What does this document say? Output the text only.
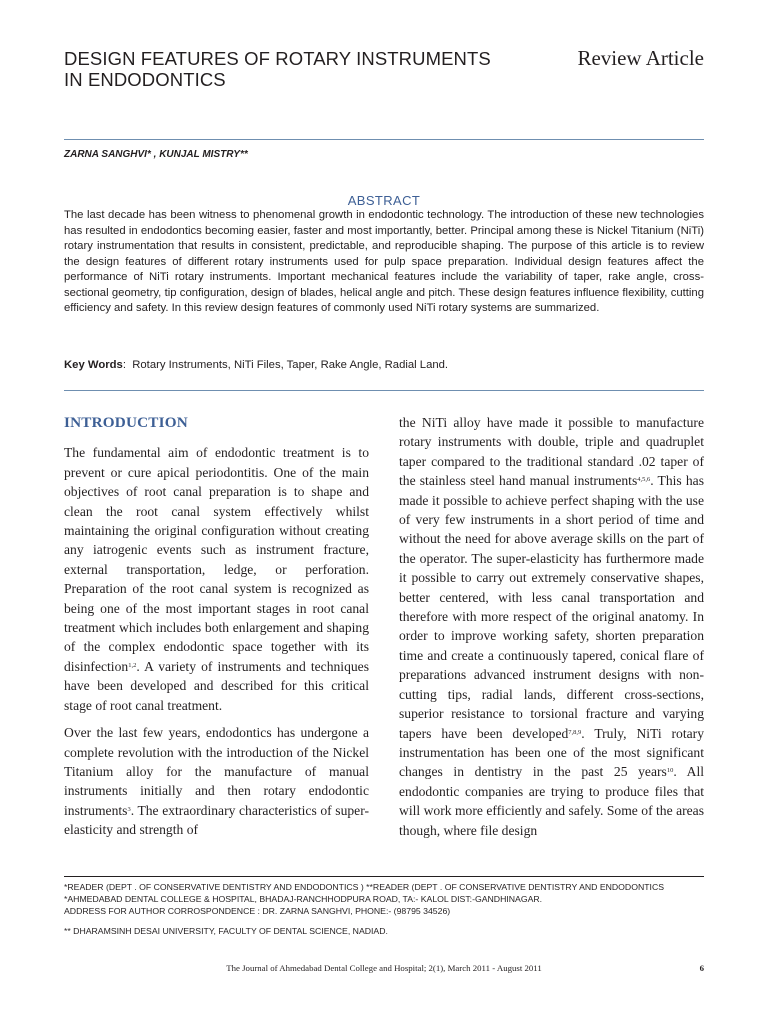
DESIGN FEATURES OF ROTARY INSTRUMENTS
IN ENDODONTICS
Review Article
ZARNA SANGHVI* , KUNJAL MISTRY**
ABSTRACT

The last decade has been witness to phenomenal growth in endodontic technology. The introduction of these new technologies has resulted in endodontics becoming easier, faster and most importantly, better. Principal among these is Nickel Titanium (NiTi) rotary instrumentation that results in consistent, predictable, and reproducible shaping. The purpose of this article is to review the design features of different rotary instruments used for pulp space preparation. Individual design features affect the performance of NiTi rotary instruments. Important mechanical features include the variability of taper, rake angle, cross-sectional geometry, tip configuration, design of blades, helical angle and pitch. These design features influence flexibility, cutting efficiency and safety. In this review design features of commonly used NiTi rotary systems are summarized.

Key Words:  Rotary Instruments, NiTi Files, Taper, Rake Angle, Radial Land.

INTRODUCTION

The fundamental aim of endodontic treatment is to prevent or cure apical periodontitis. One of the main objectives of root canal preparation is to shape and clean the root canal system effectively whilst maintaining the original configuration without creating any iatrogenic events such as instrument fracture, external transportation, ledge, or perforation. Preparation of the root canal system is recognized as being one of the most important stages in root canal treatment which includes both enlargement and shaping of the complex endodontic space together with its disinfection$^{1,2}$. A variety of instruments and techniques have been developed and described for this critical stage of root canal treatment.

Over the last few years, endodontics has undergone a complete revolution with the introduction of the Nickel Titanium alloy for the manufacture of manual instruments initially and then rotary endodontic instruments$^3$. The extraordinary characteristics of super-elasticity and strength of

the NiTi alloy have made it possible to manufacture rotary instruments with double, triple and quadruplet taper compared to the traditional standard .02 taper of the stainless steel hand manual instruments$^{4,5,6}$. This has made it possible to achieve perfect shaping with the use of very few instruments in a short period of time and without the need for above average skills on the part of the operator. The super-elasticity has furthermore made it possible to carry out extremely conservative shapes, better centered, with less canal transportation and therefore with more respect of the original anatomy. In order to improve working safety, shorten preparation time and create a continuously tapered, conical flare of preparations advanced instrument designs with non-cutting tips, radial lands, different cross-sections, superior resistance to torsional fracture and varying tapers have been developed$^{7,8,9}$. Truly, NiTi rotary instrumentation has been one of the most significant changes in dentistry in the past 25 years$^{10}$. All endodontic companies are trying to produce files that will work more efficiently and safely. Some of the areas though, where file design

*READER (DEPT . OF CONSERVATIVE DENTISTRY AND ENDODONTICS ) **READER (DEPT . OF CONSERVATIVE DENTISTRY AND ENDODONTICS
*AHMEDABAD DENTAL COLLEGE & HOSPITAL, BHADAJ-RANCHHODPURA ROAD, TA:- KALOL DIST:-GANDHINAGAR.
ADDRESS FOR AUTHOR CORROSPONDENCE : DR. ZARNA SANGHVI, PHONE:- (98795 34526)
** DHARAMSINH DESAI UNIVERSITY, FACULTY OF DENTAL SCIENCE, NADIAD.
The Journal of Ahmedabad Dental College and Hospital; 2(1), March 2011 - August 2011	6
